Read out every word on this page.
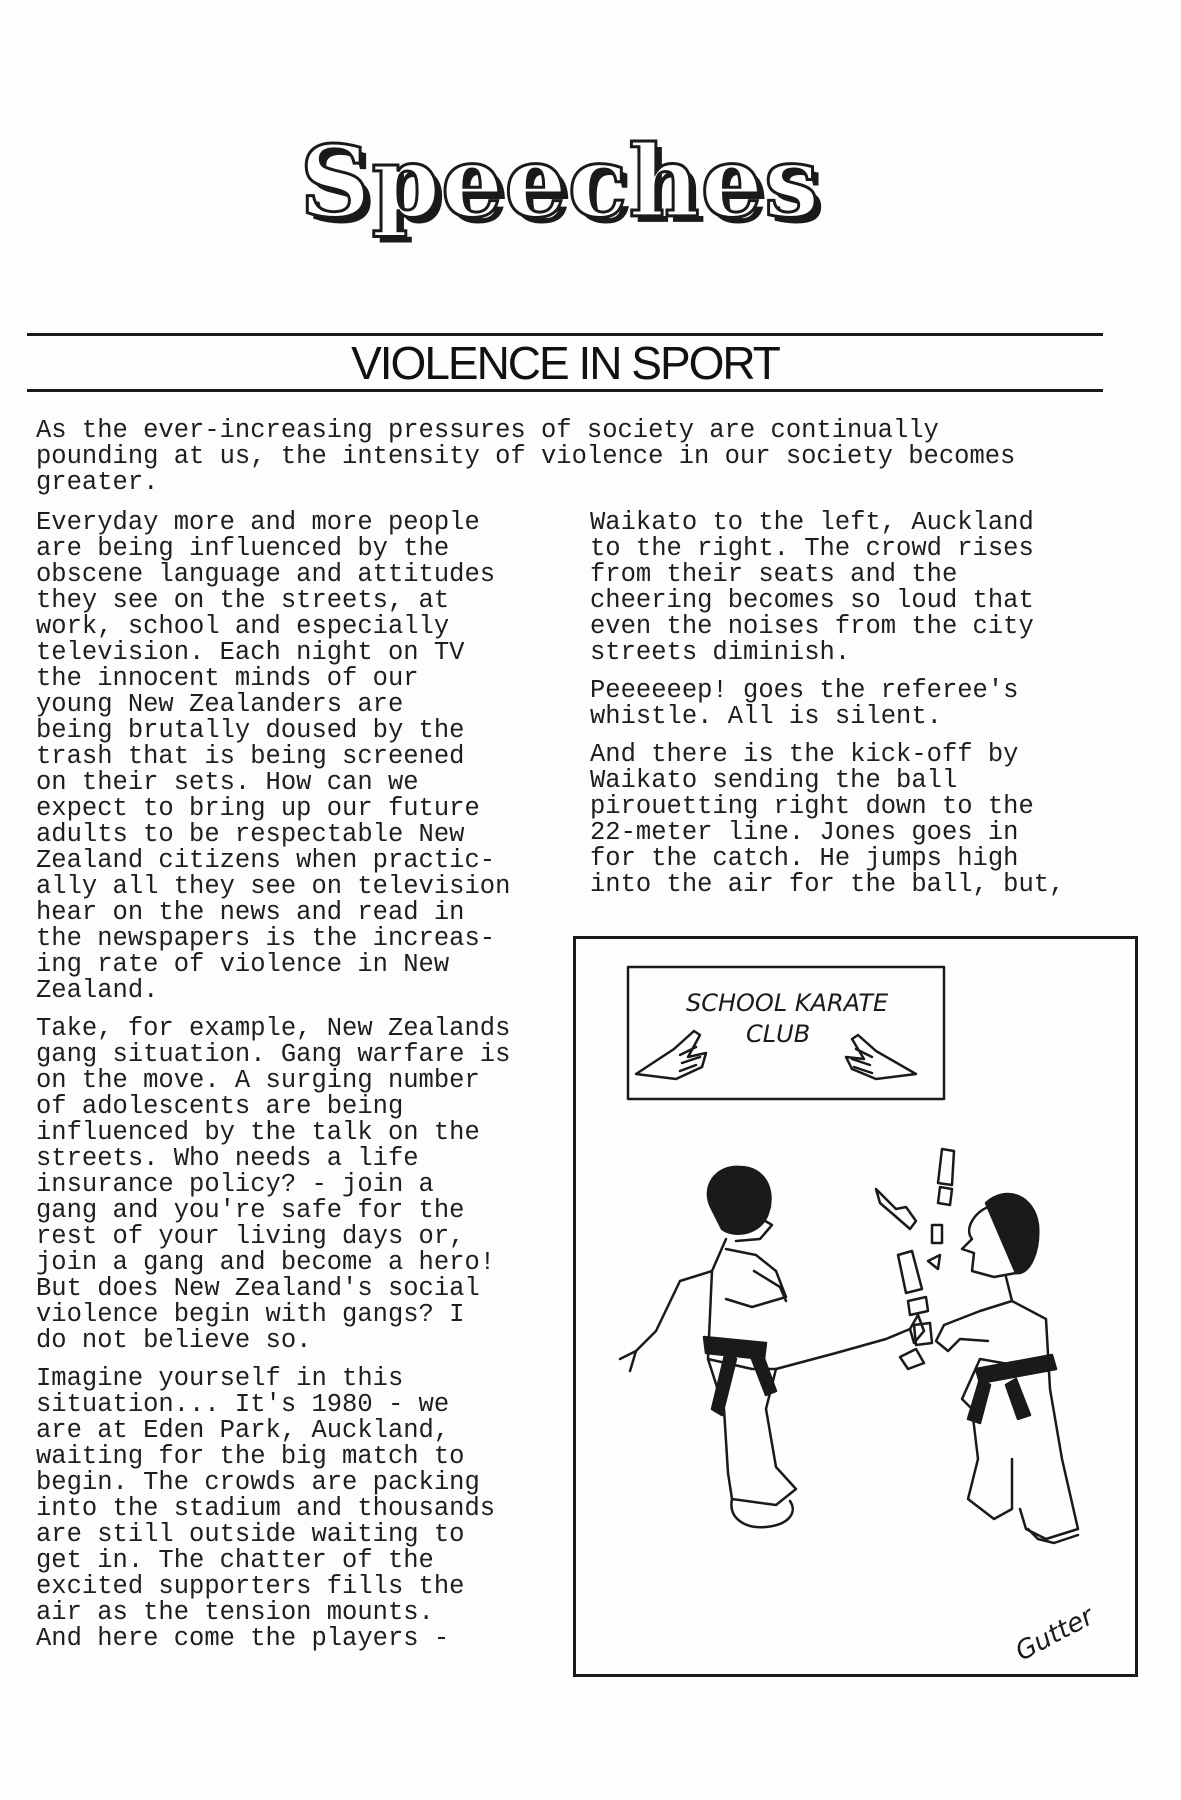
Speeches
VIOLENCE IN SPORT

As the ever-increasing pressures of society are continually
pounding at us, the intensity of violence in our society becomes
greater.

Everyday more and more people
are being influenced by the
obscene language and attitudes
they see on the streets, at
work, school and especially
television. Each night on TV
the innocent minds of our
young New Zealanders are
being brutally doused by the
trash that is being screened
on their sets. How can we
expect to bring up our future
adults to be respectable New
Zealand citizens when practic-
ally all they see on television
hear on the news and read in
the newspapers is the increas-
ing rate of violence in New
Zealand.

Take, for example, New Zealands
gang situation. Gang warfare is
on the move. A surging number
of adolescents are being
influenced by the talk on the
streets. Who needs a life
insurance policy? - join a
gang and you're safe for the
rest of your living days or,
join a gang and become a hero!
But does New Zealand's social
violence begin with gangs? I
do not believe so.

Imagine yourself in this
situation... It's 1980 - we
are at Eden Park, Auckland,
waiting for the big match to
begin. The crowds are packing
into the stadium and thousands
are still outside waiting to
get in. The chatter of the
excited supporters fills the
air as the tension mounts.
And here come the players -

Waikato to the left, Auckland
to the right. The crowd rises
from their seats and the
cheering becomes so loud that
even the noises from the city
streets diminish.

Peeeeeep! goes the referee's
whistle. All is silent.

And there is the kick-off by
Waikato sending the ball
pirouetting right down to the
22-meter line. Jones goes in
for the catch. He jumps high
into the air for the ball, but,

SCHOOL KARATE
CLUB
Gutter
